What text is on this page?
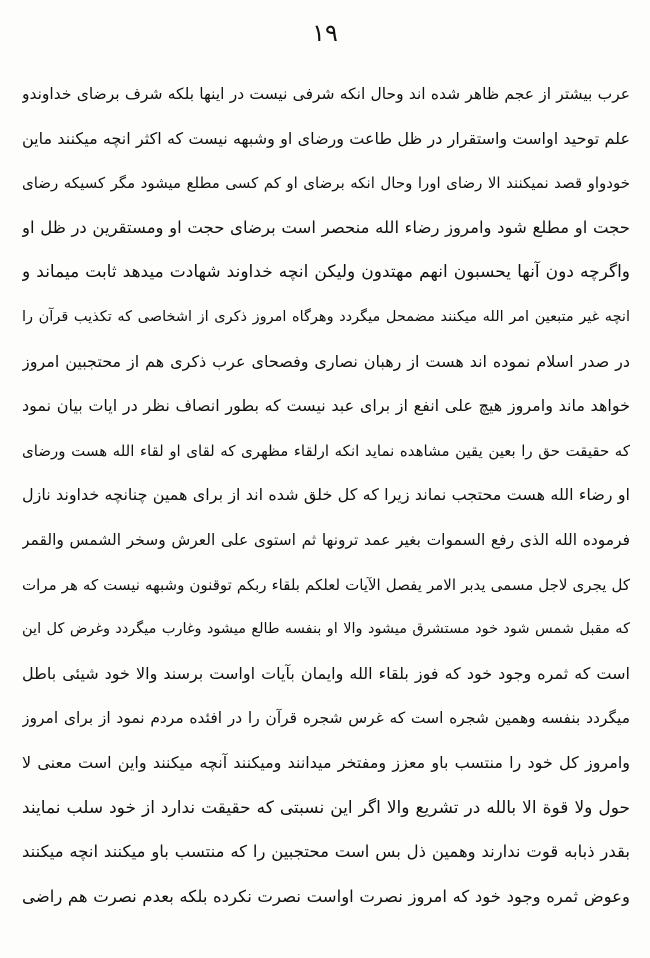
۱۹
عرب بیشتر از عجم ظاهر شده اند وحال انکه شرفی نیست در اینها بلکه شرف برضای خداوندو
علم توحید اواست واستقرار در ظل طاعت ورضای او وشبهه نیست که اکثر انچه میکنند ماین
خودواو قصد نمیکنند الا رضای اورا وحال انکه برضای او کم کسی مطلع میشود مگر کسیکه رضای
حجت او مطلع شود وامروز رضاء الله منحصر است برضای حجت او ومستقرین در ظل او
واگرچه دون آنها یحسبون انهم مهتدون ولیکن انچه خداوند شهادت میدهد ثابت میماند و
انچه غیر متبعین امر الله میکنند مضمحل میگردد وهرگاه امروز ذکری از اشخاصی که تکذیب قرآن را
در صدر اسلام نموده اند هست از رهبان نصاری وفصحای عرب ذکری هم از محتجبین امروز
خواهد ماند وامروز هیچ علی انفع از برای عبد نیست که بطور انصاف نظر در ایات بیان نمود
که حقیقت حق را بعین یقین مشاهده نماید انکه ارلقاء مظهری که لقای او لقاء الله هست ورضای
او رضاء الله هست محتجب نماند زیرا که کل خلق شده اند از برای همین چنانچه خداوند نازل
فرموده الله الذی رفع السموات بغیر عمد ترونها ثم استوی علی العرش وسخر الشمس والقمر
کل یجری لاجل مسمی یدبر الامر یفصل الآیات لعلکم بلقاء ربکم توقنون وشبهه نیست که هر مرات
که مقبل شمس شود خود مستشرق میشود والا او بنفسه طالع میشود وغارب میگردد وغرض کل این
است که ثمره وجود خود که فوز بلقاء الله وایمان بآیات اواست برسند والا خود شیئی باطل
میگردد بنفسه وهمین شجره است که غرس شجره قرآن را در افئده مردم نمود از برای امروز
وامروز کل خود را منتسب باو معزز ومفتخر میدانند ومیکنند آنچه میکنند واین است معنی لا
حول ولا قوة الا بالله در تشریع والا اگر این نسبتی که حقیقت ندارد از خود سلب نمایند
بقدر ذبابه قوت ندارند وهمین ذل بس است محتجبین را که منتسب باو میکنند انچه میکنند
وعوض ثمره وجود خود که امروز نصرت اواست نصرت نکرده بلکه بعدم نصرت هم راضی
